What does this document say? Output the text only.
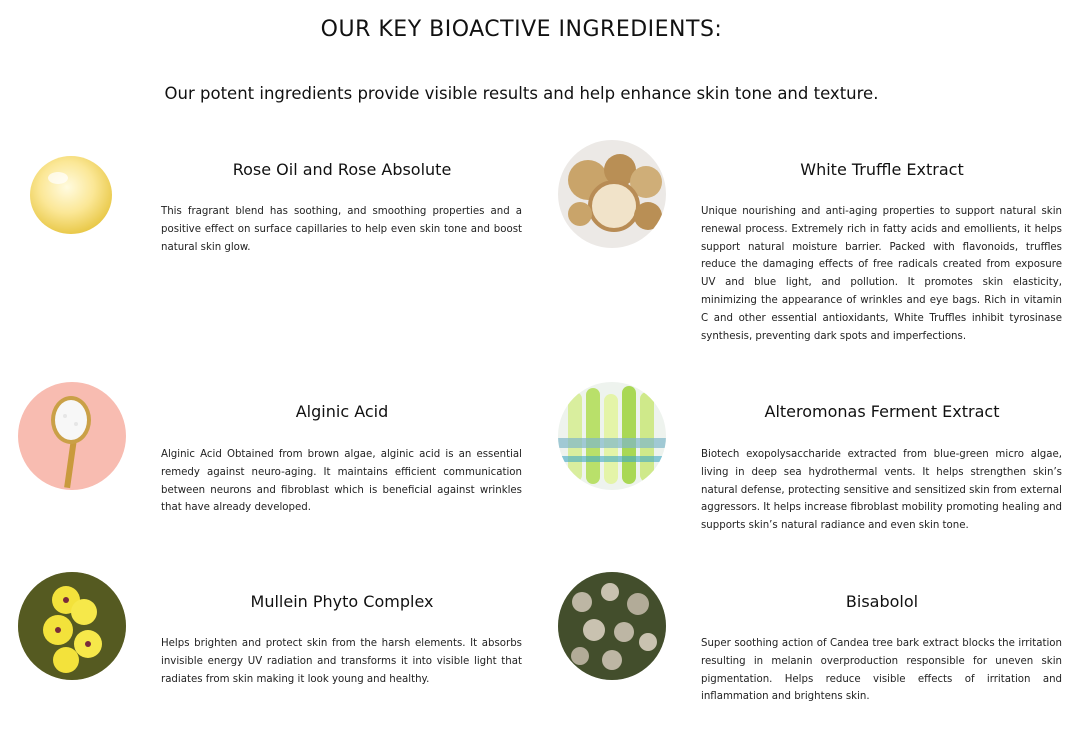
OUR KEY BIOACTIVE INGREDIENTS:

Our potent ingredients provide visible results and help enhance skin tone and texture.

Rose Oil and Rose Absolute
This fragrant blend has soothing, and smoothing properties and a positive effect on surface capillaries to help even skin tone and boost natural skin glow.
White Truffle Extract
Unique nourishing and anti-aging properties to support natural skin renewal process. Extremely rich in fatty acids and emollients, it helps support natural moisture barrier. Packed with flavonoids, truffles reduce the damaging effects of free radicals created from exposure UV and blue light, and pollution. It promotes skin elasticity, minimizing the appearance of wrinkles and eye bags. Rich in vitamin C and other essential antioxidants, White Truffles inhibit tyrosinase synthesis, preventing dark spots and imperfections.
Alginic Acid
Alginic Acid Obtained from brown algae, alginic acid is an essential remedy against neuro-aging. It maintains efficient communication between neurons and fibroblast which is beneficial against wrinkles that have already developed.
Alteromonas Ferment Extract
Biotech exopolysaccharide extracted from blue-green micro algae, living in deep sea hydrothermal vents. It helps strengthen skin’s natural defense, protecting sensitive and sensitized skin from external aggressors. It helps increase fibroblast mobility promoting healing and supports skin’s natural radiance and even skin tone.
Mullein Phyto Complex
Helps brighten and protect skin from the harsh elements. It absorbs invisible energy UV radiation and transforms it into visible light that radiates from skin making it look young and healthy.
Bisabolol
Super soothing action of Candea tree bark extract blocks the irritation resulting in melanin overproduction responsible for uneven skin pigmentation. Helps reduce visible effects of irritation and inflammation and brightens skin.
